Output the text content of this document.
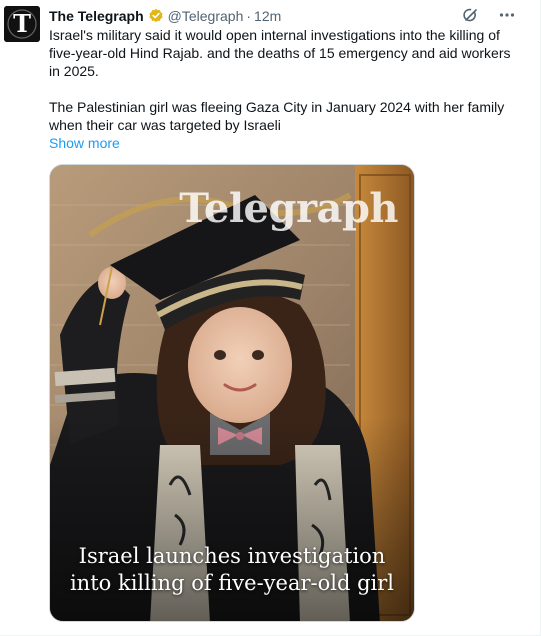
T The Telegraph @Telegraph · 12m

Israel's military said it would open internal investigations into the killing of five-year-old Hind Rajab. and the deaths of 15 emergency and aid workers in 2025.

The Palestinian girl was fleeing Gaza City in January 2024 with her family when their car was targeted by Israeli

Show more
Telegraph
Israel launches investigation
into killing of five-year-old girl
